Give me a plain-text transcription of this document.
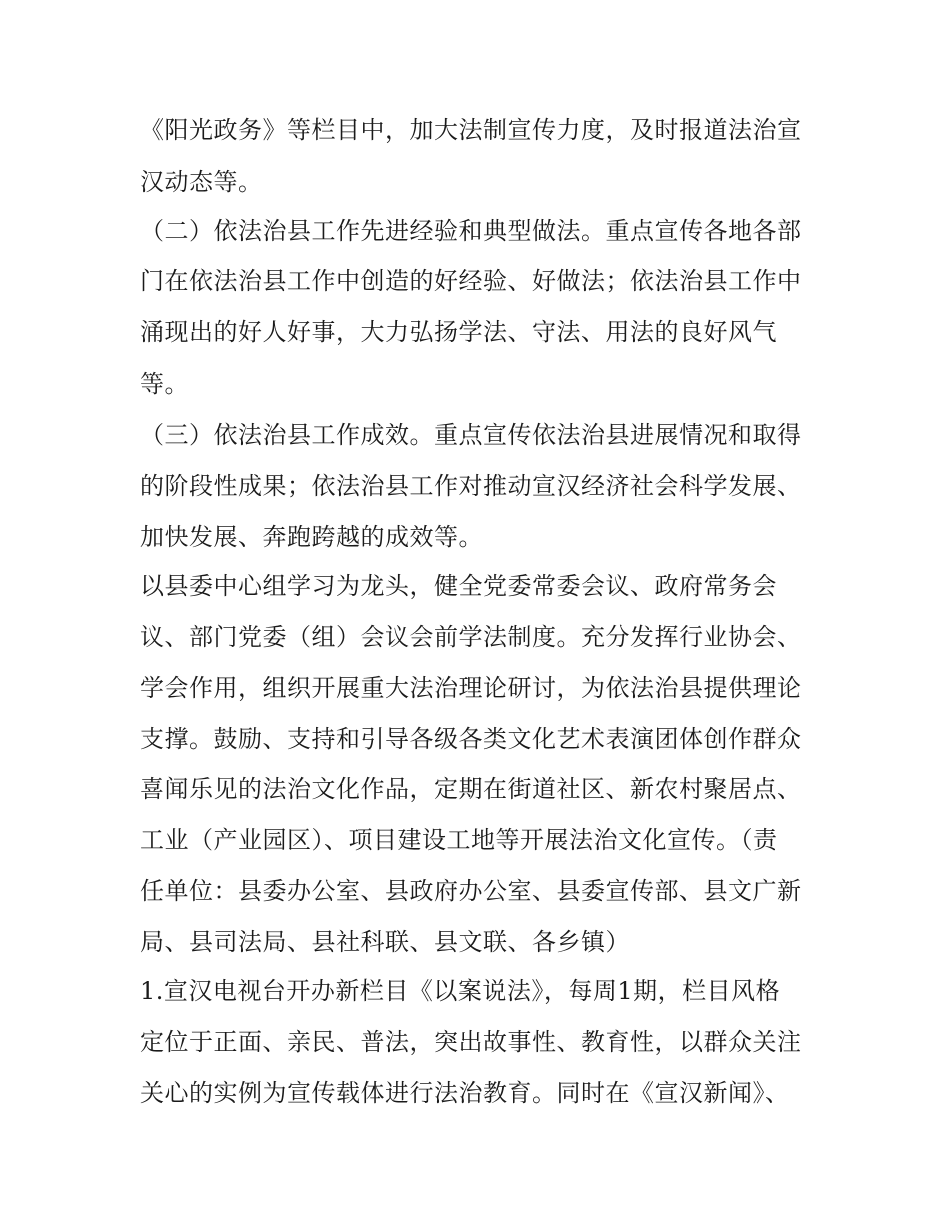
《阳光政务》等栏目中，加大法制宣传力度，及时报道法治宣
汉动态等。
（二）依法治县工作先进经验和典型做法。重点宣传各地各部
门在依法治县工作中创造的好经验、好做法；依法治县工作中
涌现出的好人好事，大力弘扬学法、守法、用法的良好风气
等。
（三）依法治县工作成效。重点宣传依法治县进展情况和取得
的阶段性成果；依法治县工作对推动宣汉经济社会科学发展、
加快发展、奔跑跨越的成效等。
以县委中心组学习为龙头，健全党委常委会议、政府常务会
议、部门党委（组）会议会前学法制度。充分发挥行业协会、
学会作用，组织开展重大法治理论研讨，为依法治县提供理论
支撑。鼓励、支持和引导各级各类文化艺术表演团体创作群众
喜闻乐见的法治文化作品，定期在街道社区、新农村聚居点、
工业（产业园区）、项目建设工地等开展法治文化宣传。（责
任单位：县委办公室、县政府办公室、县委宣传部、县文广新
局、县司法局、县社科联、县文联、各乡镇）
1.宣汉电视台开办新栏目《以案说法》，每周1期，栏目风格
定位于正面、亲民、普法，突出故事性、教育性，以群众关注
关心的实例为宣传载体进行法治教育。同时在《宣汉新闻》、
